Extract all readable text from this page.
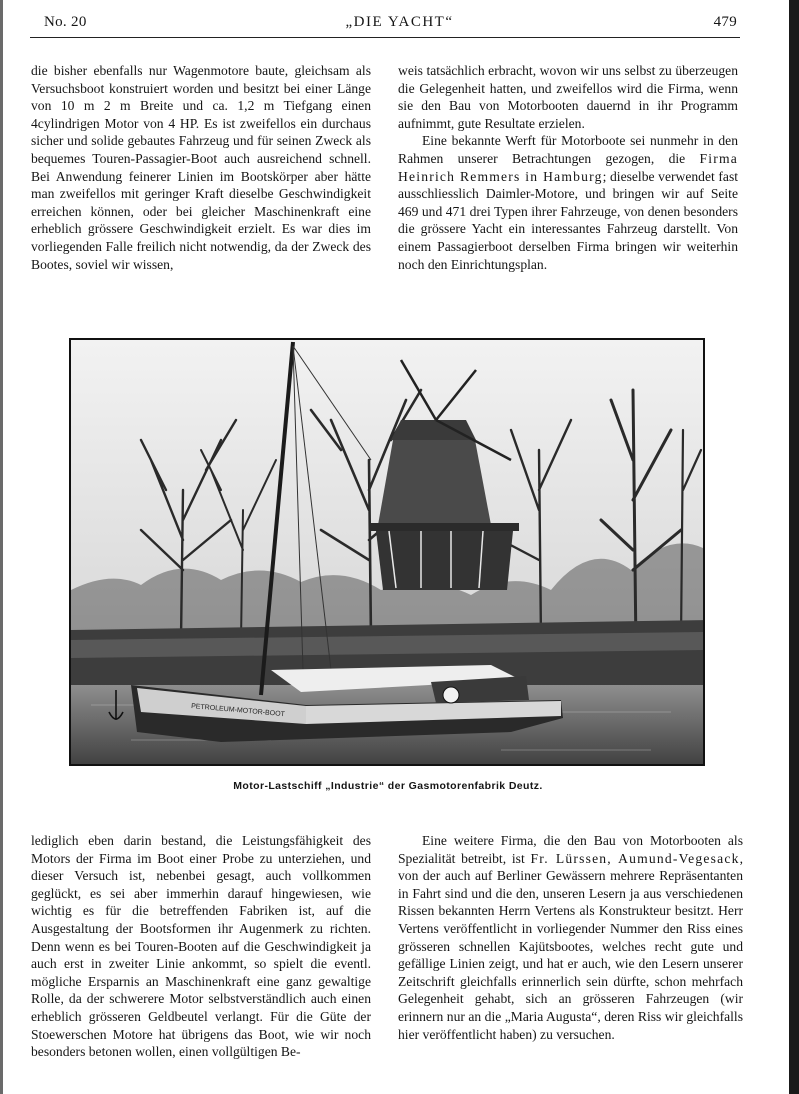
No. 20	„DIE YACHT“	479

die bisher ebenfalls nur Wagenmotore baute, gleichsam als Versuchsboot konstruiert worden und besitzt bei einer Länge von 10 m 2 m Breite und ca. 1,2 m Tiefgang einen 4cylindrigen Motor von 4 HP. Es ist zweifellos ein durchaus sicher und solide gebautes Fahrzeug und für seinen Zweck als bequemes Touren-Passagier-Boot auch ausreichend schnell. Bei Anwendung feinerer Linien im Bootskörper aber hätte man zweifellos mit geringer Kraft dieselbe Geschwindigkeit erreichen können, oder bei gleicher Maschinenkraft eine erheblich grössere Geschwindigkeit erzielt. Es war dies im vorliegenden Falle freilich nicht notwendig, da der Zweck des Bootes, soviel wir wissen,

weis tatsächlich erbracht, wovon wir uns selbst zu überzeugen die Gelegenheit hatten, und zweifellos wird die Firma, wenn sie den Bau von Motorbooten dauernd in ihr Programm aufnimmt, gute Resultate erzielen.

Eine bekannte Werft für Motorboote sei nunmehr in den Rahmen unserer Betrachtungen gezogen, die Firma Heinrich Remmers in Hamburg; dieselbe verwendet fast ausschliesslich Daimler-Motore, und bringen wir auf Seite 469 und 471 drei Typen ihrer Fahrzeuge, von denen besonders die grössere Yacht ein interessantes Fahrzeug darstellt. Von einem Passagierboot derselben Firma bringen wir weiterhin noch den Einrichtungsplan.

PETROLEUM-MOTOR-BOOT
Motor-Lastschiff „Industrie“ der Gasmotorenfabrik Deutz.

lediglich eben darin bestand, die Leistungsfähigkeit des Motors der Firma im Boot einer Probe zu unterziehen, und dieser Versuch ist, nebenbei gesagt, auch vollkommen geglückt, es sei aber immerhin darauf hingewiesen, wie wichtig es für die betreffenden Fabriken ist, auf die Ausgestaltung der Bootsformen ihr Augenmerk zu richten. Denn wenn es bei Touren-Booten auf die Geschwindigkeit ja auch erst in zweiter Linie ankommt, so spielt die eventl. mögliche Ersparnis an Maschinenkraft eine ganz gewaltige Rolle, da der schwerere Motor selbstverständlich auch einen erheblich grösseren Geldbeutel verlangt. Für die Güte der Stoewerschen Motore hat übrigens das Boot, wie wir noch besonders betonen wollen, einen vollgültigen Be-

Eine weitere Firma, die den Bau von Motorbooten als Spezialität betreibt, ist Fr. Lürssen, Aumund-Vegesack, von der auch auf Berliner Gewässern mehrere Repräsentanten in Fahrt sind und die den, unseren Lesern ja aus verschiedenen Rissen bekannten Herrn Vertens als Konstrukteur besitzt. Herr Vertens veröffentlicht in vorliegender Nummer den Riss eines grösseren schnellen Kajütsbootes, welches recht gute und gefällige Linien zeigt, und hat er auch, wie den Lesern unserer Zeitschrift gleichfalls erinnerlich sein dürfte, schon mehrfach Gelegenheit gehabt, sich an grösseren Fahrzeugen (wir erinnern nur an die „Maria Augusta“, deren Riss wir gleichfalls hier veröffentlicht haben) zu versuchen.
